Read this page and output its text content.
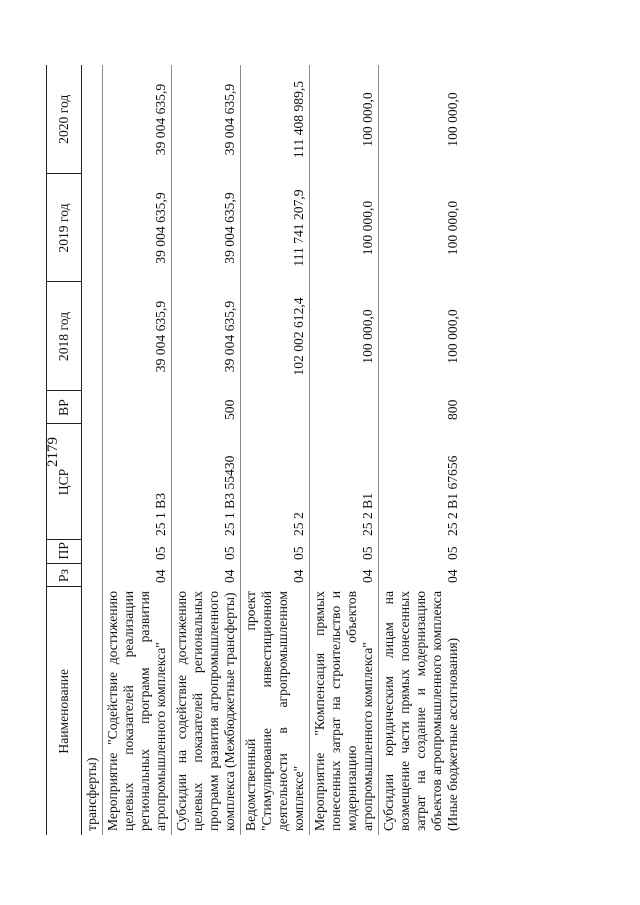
2179
Наименование	Рз	ПР	ЦСР	ВР	2018 год	2019 год	2020 год
трансферты)							
Мероприятие "Содействие достижению целевых показателей реализации региональных программ развития агропромышленного комплекса"	04	05	25 1 В3		39 004 635,9	39 004 635,9	39 004 635,9
Субсидии на содействие достижению целевых показателей региональных программ развития агропромышленного комплекса (Межбюджетные трансферты)	04	05	25 1 В3 55430	500	39 004 635,9	39 004 635,9	39 004 635,9
Ведомственный проект "Стимулирование инвестиционной деятельности в агропромышленном комплексе"	04	05	25 2		102 002 612,4	111 741 207,9	111 408 989,5
Мероприятие "Компенсация прямых понесенных затрат на строительство и модернизацию объектов агропромышленного комплекса"	04	05	25 2 В1		100 000,0	100 000,0	100 000,0
Субсидии юридическим лицам на возмещение части прямых понесенных затрат на создание и модернизацию объектов агропромышленного комплекса (Иные бюджетные ассигнования)	04	05	25 2 В1 67656	800	100 000,0	100 000,0	100 000,0
